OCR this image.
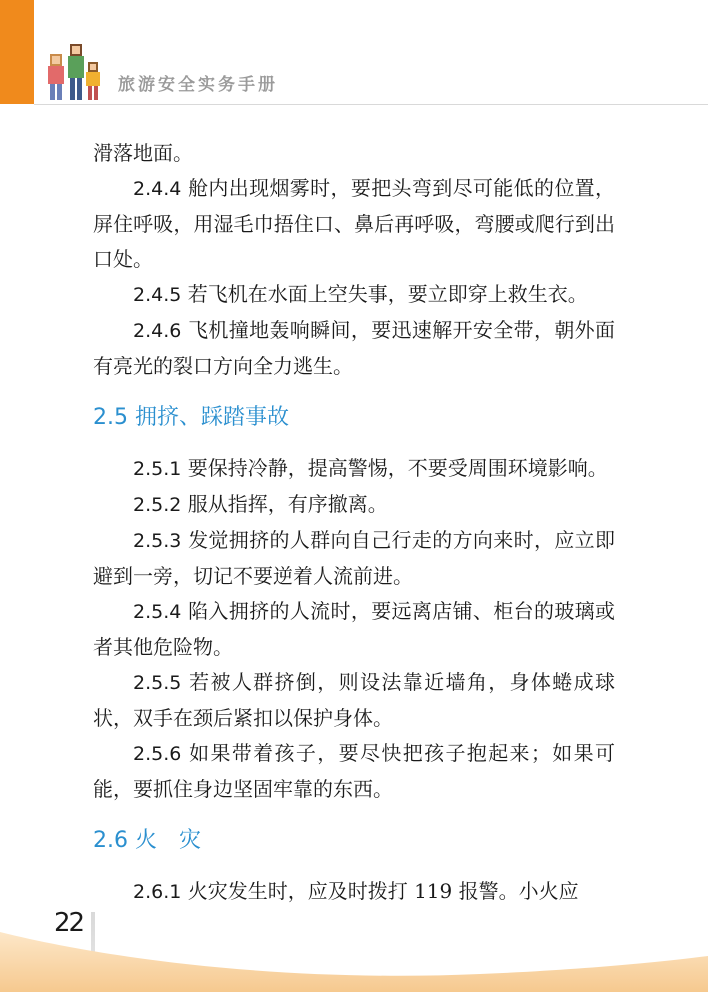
旅游安全实务手册

滑落地面。

2.4.4 舱内出现烟雾时，要把头弯到尽可能低的位置，屏住呼吸，用湿毛巾捂住口、鼻后再呼吸，弯腰或爬行到出口处。

2.4.5 若飞机在水面上空失事，要立即穿上救生衣。

2.4.6 飞机撞地轰响瞬间，要迅速解开安全带，朝外面有亮光的裂口方向全力逃生。

2.5 拥挤、踩踏事故

2.5.1 要保持冷静，提高警惕，不要受周围环境影响。

2.5.2 服从指挥，有序撤离。

2.5.3 发觉拥挤的人群向自己行走的方向来时，应立即避到一旁，切记不要逆着人流前进。

2.5.4 陷入拥挤的人流时，要远离店铺、柜台的玻璃或者其他危险物。

2.5.5 若被人群挤倒，则设法靠近墙角，身体蜷成球状，双手在颈后紧扣以保护身体。

2.5.6 如果带着孩子，要尽快把孩子抱起来；如果可能，要抓住身边坚固牢靠的东西。

2.6 火　灾

2.6.1 火灾发生时，应及时拨打 119 报警。小火应

22
